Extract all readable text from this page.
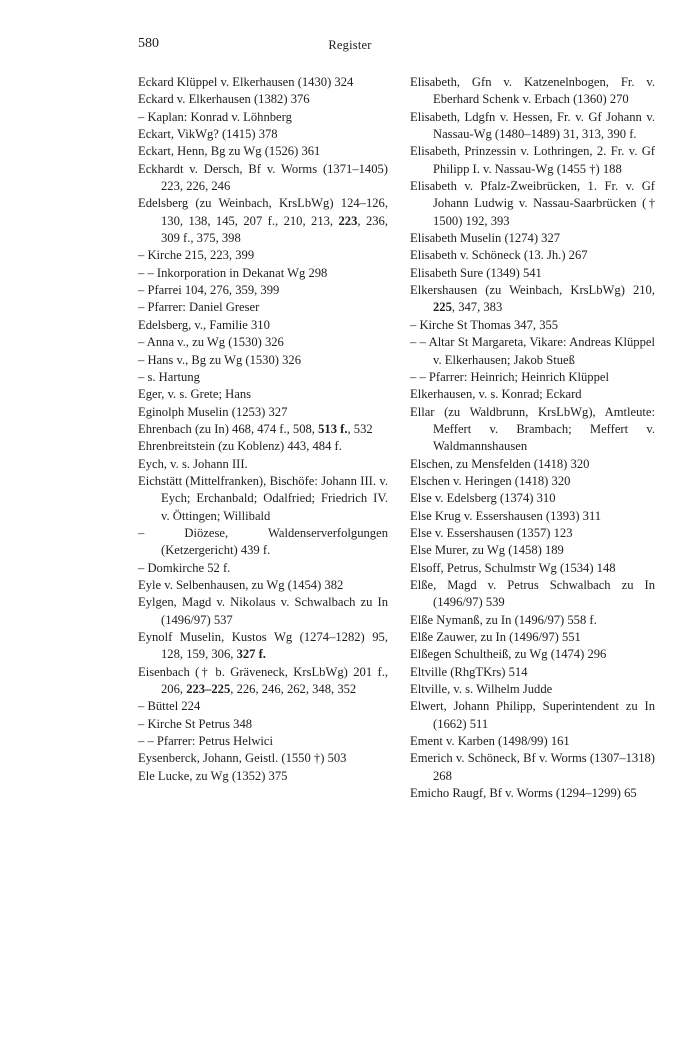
580	Register

Eckard Klüppel v. Elkerhausen (1430) 324

Eckard v. Elkerhausen (1382) 376

– Kaplan: Konrad v. Löhnberg

Eckart, VikWg? (1415) 378

Eckart, Henn, Bg zu Wg (1526) 361

Eckhardt v. Dersch, Bf v. Worms (1371–1405) 223, 226, 246

Edelsberg (zu Weinbach, KrsLbWg) 124–126, 130, 138, 145, 207 f., 210, 213, 223, 236, 309 f., 375, 398

– Kirche 215, 223, 399

– – Inkorporation in Dekanat Wg 298

– Pfarrei 104, 276, 359, 399

– Pfarrer: Daniel Greser

Edelsberg, v., Familie 310

– Anna v., zu Wg (1530) 326

– Hans v., Bg zu Wg (1530) 326

– s. Hartung

Eger, v. s. Grete; Hans

Eginolph Muselin (1253) 327

Ehrenbach (zu In) 468, 474 f., 508, 513 f., 532

Ehrenbreitstein (zu Koblenz) 443, 484 f.

Eych, v. s. Johann III.

Eichstätt (Mittelfranken), Bischöfe: Johann III. v. Eych; Erchanbald; Odalfried; Friedrich IV. v. Öttingen; Willibald

– Diözese, Waldenserverfolgungen (Ketzergericht) 439 f.

– Domkirche 52 f.

Eyle v. Selbenhausen, zu Wg (1454) 382

Eylgen, Magd v. Nikolaus v. Schwalbach zu In (1496/97) 537

Eynolf Muselin, Kustos Wg (1274–1282) 95, 128, 159, 306, 327 f.

Eisenbach († b. Gräveneck, KrsLbWg) 201 f., 206, 223–225, 226, 246, 262, 348, 352

– Büttel 224

– Kirche St Petrus 348

– – Pfarrer: Petrus Helwici

Eysenberck, Johann, Geistl. (1550 †) 503

Ele Lucke, zu Wg (1352) 375

Elisabeth, Gfn v. Katzenelnbogen, Fr. v. Eberhard Schenk v. Erbach (1360) 270

Elisabeth, Ldgfn v. Hessen, Fr. v. Gf Johann v. Nassau-Wg (1480–1489) 31, 313, 390 f.

Elisabeth, Prinzessin v. Lothringen, 2. Fr. v. Gf Philipp I. v. Nassau-Wg (1455 †) 188

Elisabeth v. Pfalz-Zweibrücken, 1. Fr. v. Gf Johann Ludwig v. Nassau-Saarbrücken († 1500) 192, 393

Elisabeth Muselin (1274) 327

Elisabeth v. Schöneck (13. Jh.) 267

Elisabeth Sure (1349) 541

Elkershausen (zu Weinbach, KrsLbWg) 210, 225, 347, 383

– Kirche St Thomas 347, 355

– – Altar St Margareta, Vikare: Andreas Klüppel v. Elkerhausen; Jakob Stueß

– – Pfarrer: Heinrich; Heinrich Klüppel

Elkerhausen, v. s. Konrad; Eckard

Ellar (zu Waldbrunn, KrsLbWg), Amtleute: Meffert v. Brambach; Meffert v. Waldmannshausen

Elschen, zu Mensfelden (1418) 320

Elschen v. Heringen (1418) 320

Else v. Edelsberg (1374) 310

Else Krug v. Essershausen (1393) 311

Else v. Essershausen (1357) 123

Else Murer, zu Wg (1458) 189

Elsoff, Petrus, Schulmstr Wg (1534) 148

Elße, Magd v. Petrus Schwalbach zu In (1496/97) 539

Elße Nymanß, zu In (1496/97) 558 f.

Elße Zauwer, zu In (1496/97) 551

Elßegen Schultheiß, zu Wg (1474) 296

Eltville (RhgTKrs) 514

Eltville, v. s. Wilhelm Judde

Elwert, Johann Philipp, Superintendent zu In (1662) 511

Ement v. Karben (1498/99) 161

Emerich v. Schöneck, Bf v. Worms (1307–1318) 268

Emicho Raugf, Bf v. Worms (1294–1299) 65
